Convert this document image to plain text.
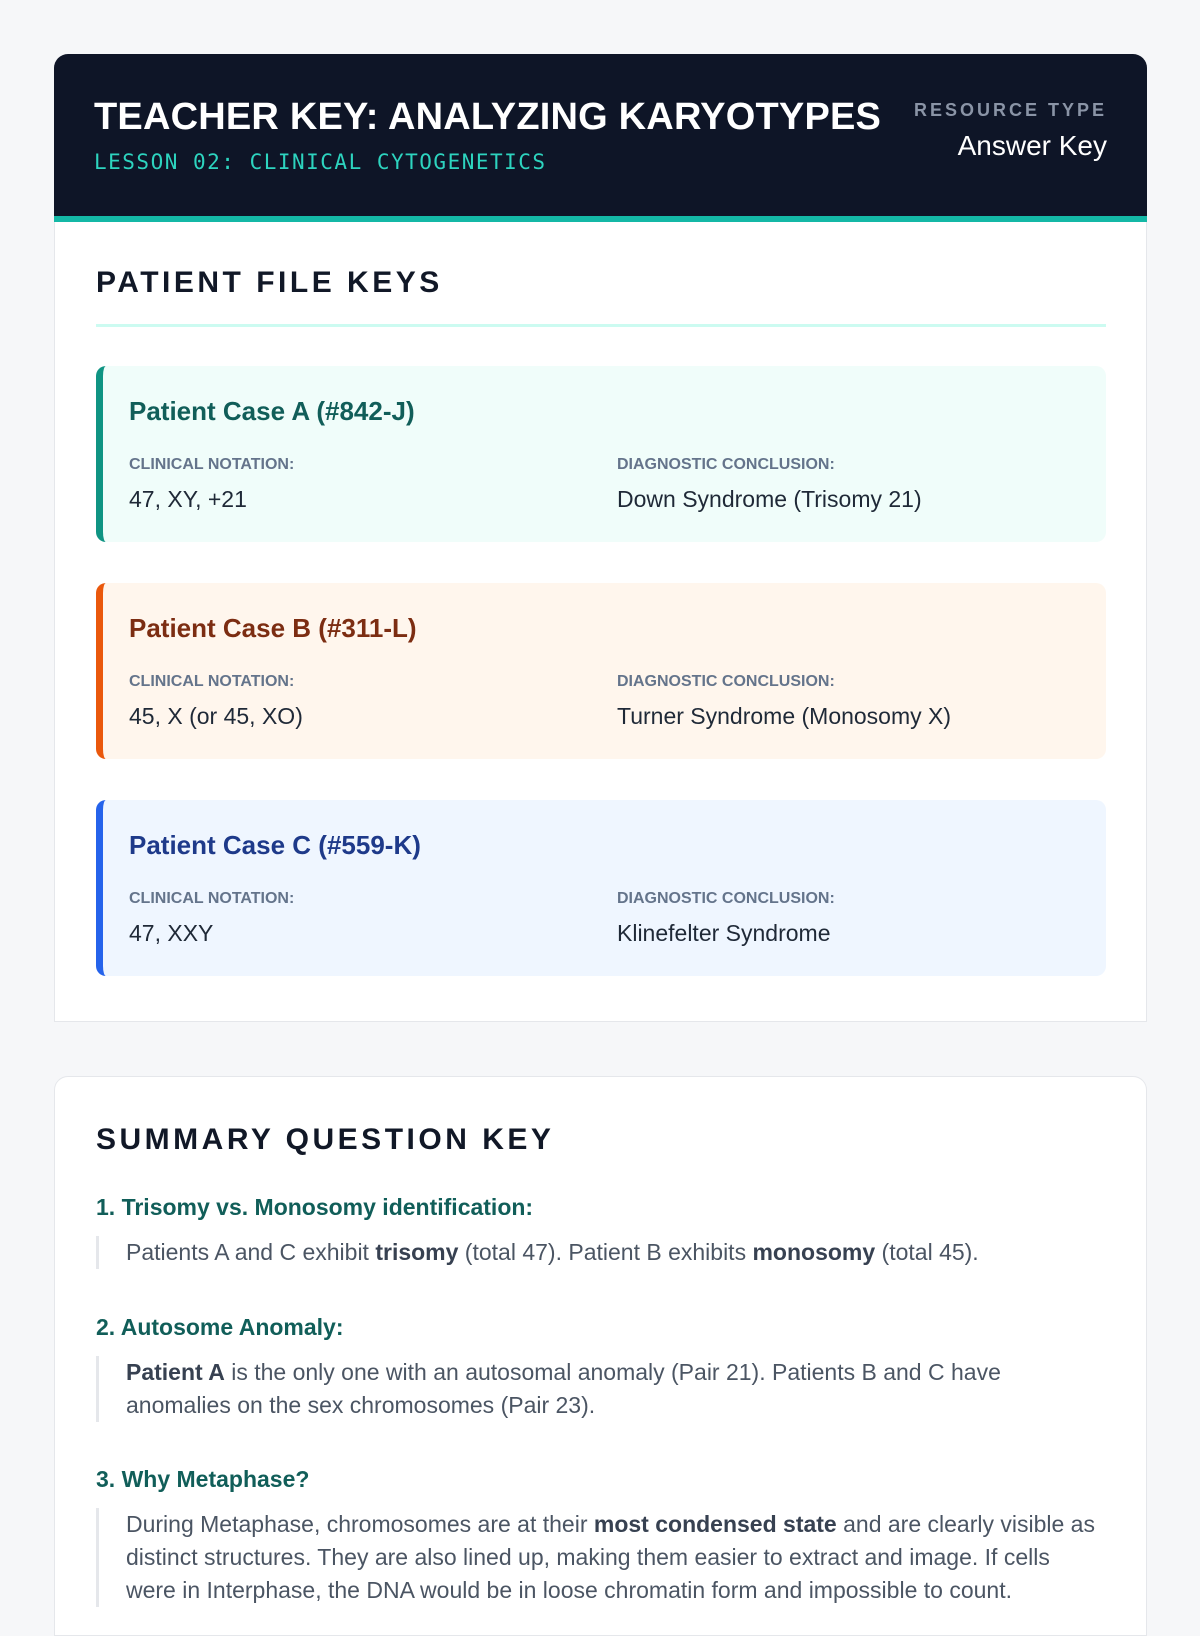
TEACHER KEY: ANALYZING KARYOTYPES
LESSON 02: CLINICAL CYTOGENETICS
RESOURCE TYPE
Answer Key
PATIENT FILE KEYS
Patient Case A (#842-J)
CLINICAL NOTATION:
47, XY, +21
DIAGNOSTIC CONCLUSION:
Down Syndrome (Trisomy 21)
Patient Case B (#311-L)
CLINICAL NOTATION:
45, X (or 45, XO)
DIAGNOSTIC CONCLUSION:
Turner Syndrome (Monosomy X)
Patient Case C (#559-K)
CLINICAL NOTATION:
47, XXY
DIAGNOSTIC CONCLUSION:
Klinefelter Syndrome
SUMMARY QUESTION KEY
1. Trisomy vs. Monosomy identification:
Patients A and C exhibit trisomy (total 47). Patient B exhibits monosomy (total 45).
2. Autosome Anomaly:
Patient A is the only one with an autosomal anomaly (Pair 21). Patients B and C have anomalies on the sex chromosomes (Pair 23).
3. Why Metaphase?
During Metaphase, chromosomes are at their most condensed state and are clearly visible as distinct structures. They are also lined up, making them easier to extract and image. If cells were in Interphase, the DNA would be in loose chromatin form and impossible to count.
